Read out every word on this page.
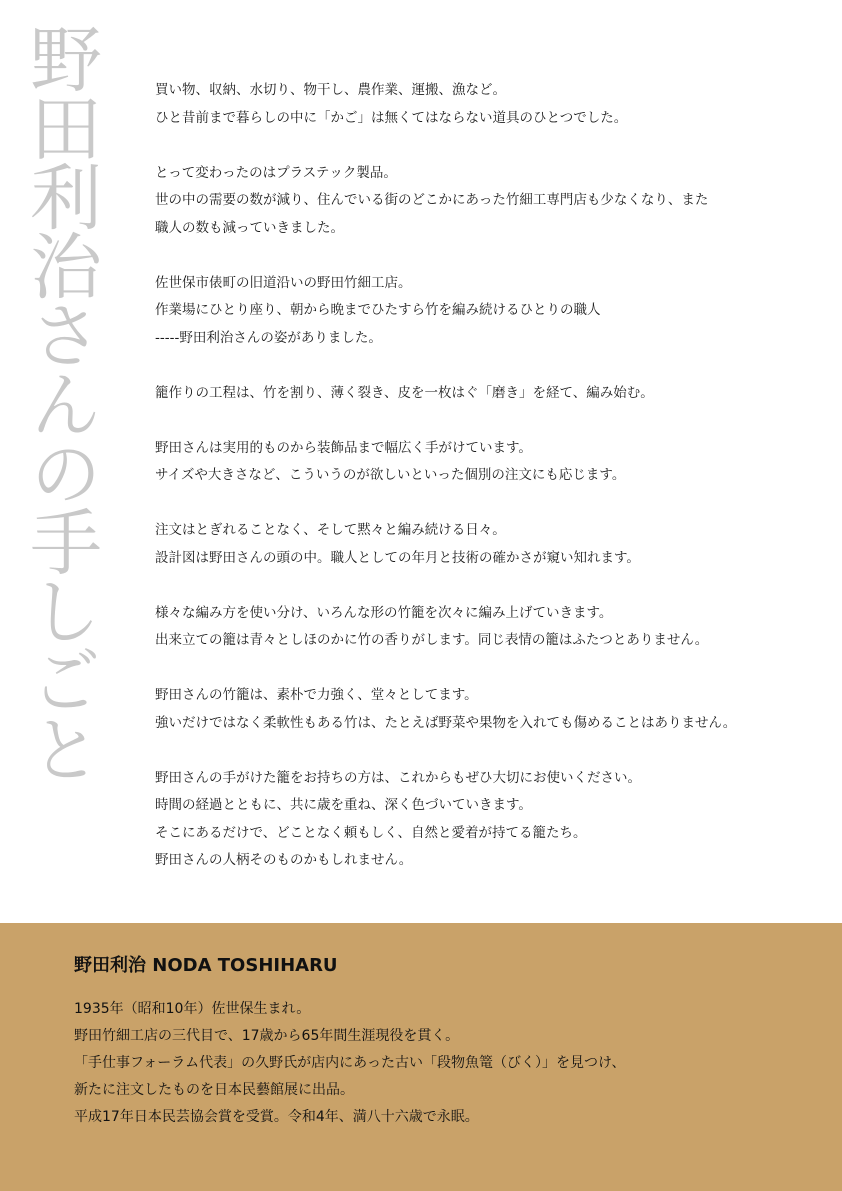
野田利治さんの手しごと	買い物、収納、水切り、物干し、農作業、運搬、漁など。
ひと昔前まで暮らしの中に「かご」は無くてはならない道具のひとつでした。
とって変わったのはプラステック製品。
世の中の需要の数が減り、住んでいる街のどこかにあった竹細工専門店も少なくなり、また
職人の数も減っていきました。
佐世保市俵町の旧道沿いの野田竹細工店。
作業場にひとり座り、朝から晩までひたすら竹を編み続けるひとりの職人
-----野田利治さんの姿がありました。
籠作りの工程は、竹を割り、薄く裂き、皮を一枚はぐ「磨き」を経て、編み始む。
野田さんは実用的ものから装飾品まで幅広く手がけています。
サイズや大きさなど、こういうのが欲しいといった個別の注文にも応じます。
注文はとぎれることなく、そして黙々と編み続ける日々。
設計図は野田さんの頭の中。職人としての年月と技術の確かさが窺い知れます。
様々な編み方を使い分け、いろんな形の竹籠を次々に編み上げていきます。
出来立ての籠は青々としほのかに竹の香りがします。同じ表情の籠はふたつとありません。
野田さんの竹籠は、素朴で力強く、堂々としてます。
強いだけではなく柔軟性もある竹は、たとえば野菜や果物を入れても傷めることはありません。
野田さんの手がけた籠をお持ちの方は、これからもぜひ大切にお使いください。
時間の経過とともに、共に歳を重ね、深く色づいていきます。
そこにあるだけで、どことなく頼もしく、自然と愛着が持てる籠たち。
野田さんの人柄そのものかもしれません。
野田利治 NODA TOSHIHARU
1935年（昭和10年）佐世保生まれ。
野田竹細工店の三代目で、17歳から65年間生涯現役を貫く。
「手仕事フォーラム代表」の久野氏が店内にあった古い「段物魚篭（びく）」を見つけ、
新たに注文したものを日本民藝館展に出品。
平成17年日本民芸協会賞を受賞。令和4年、満八十六歳で永眠。
